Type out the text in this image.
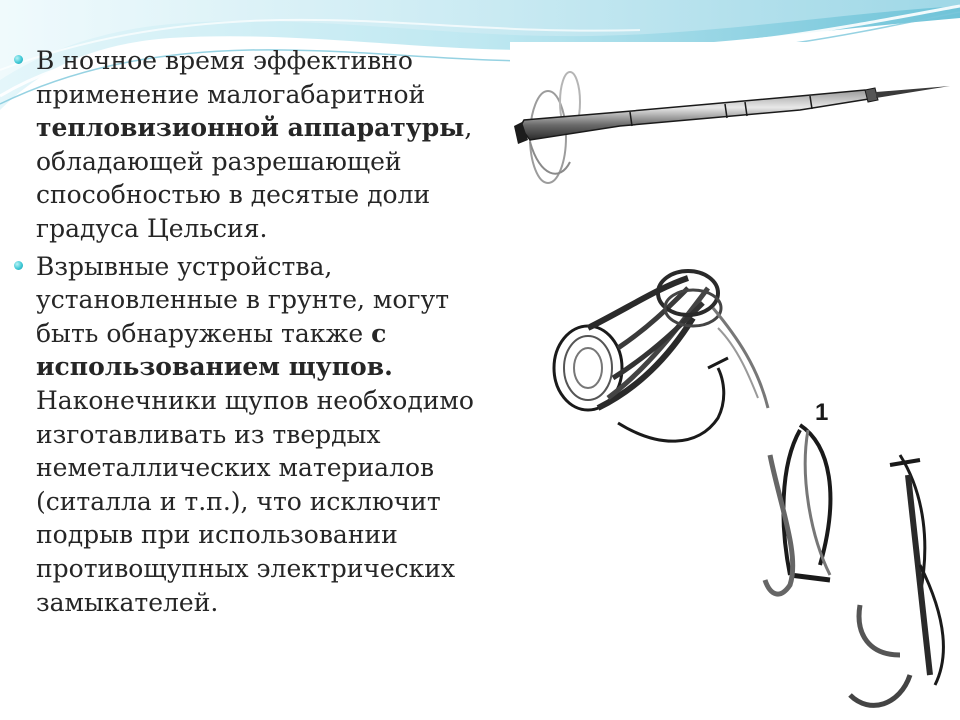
В ночное время эффективно применение малогабаритной тепловизионной аппаратуры, обладающей разрешающей способностью в десятые доли градуса Цельсия.
Взрывные устройства, установленные в грунте, могут быть обнаружены также с использованием щупов. Наконечники щупов необходимо изготавливать из твердых неметаллических материалов (ситалла и т.п.), что исключит подрыв при использовании противощупных электрических замыкателей.
1
